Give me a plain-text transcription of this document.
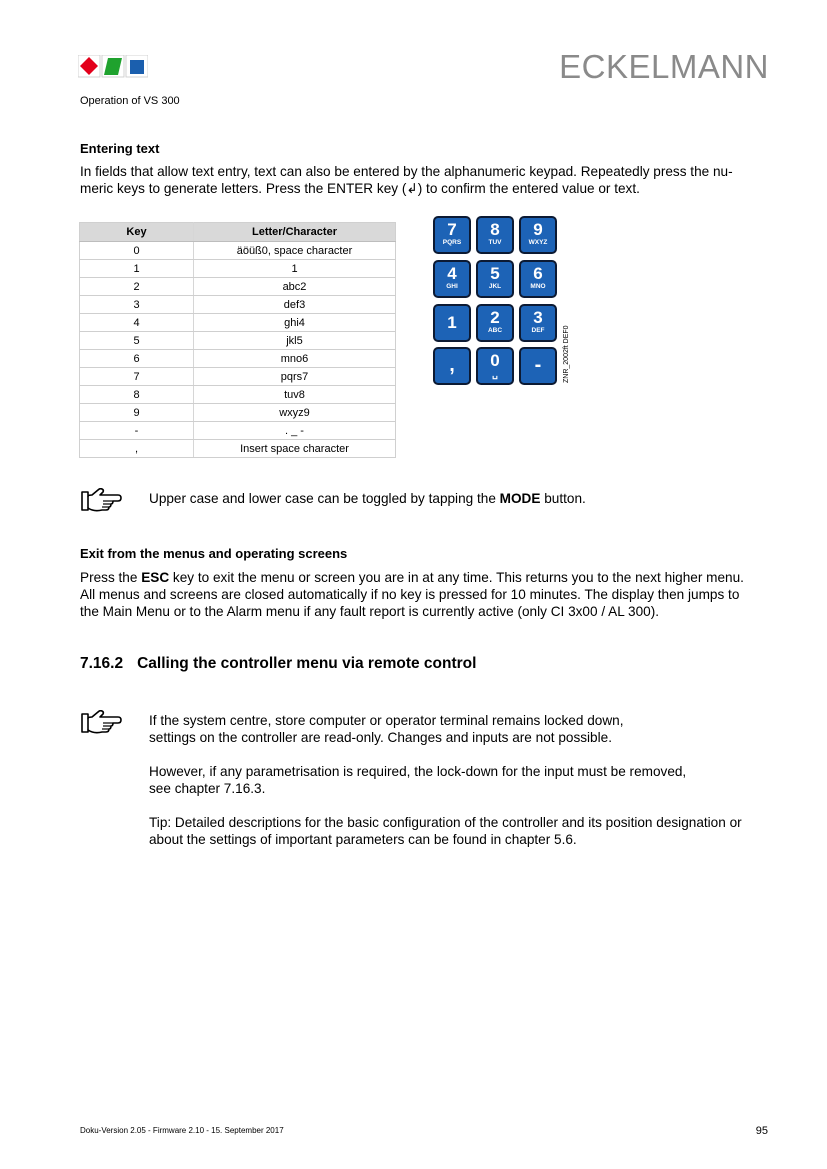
ECKELMANN
Operation of VS 300
Entering text
In fields that allow text entry, text can also be entered by the alphanumeric keypad. Repeatedly press the nu-
meric keys to generate letters. Press the ENTER key (↲) to confirm the entered value or text.
Key	Letter/Character
0	äöüß0, space character
1	1
2	abc2
3	def3
4	ghi4
5	jkl5
6	mno6
7	pqrs7
8	tuv8
9	wxyz9
-	. _ -
,	Insert space character
7
PQRS
8
TUV
9
WXYZ
4
GHI
5
JKL
6
MNO
1	2
ABC
3
DEF
,	0
␣	-	ZNR_2002ft DEF0
Upper case and lower case can be toggled by tapping the MODE button.
Exit from the menus and operating screens
Press the ESC key to exit the menu or screen you are in at any time. This returns you to the next higher menu.
All menus and screens are closed automatically if no key is pressed for 10 minutes. The display then jumps to
the Main Menu or to the Alarm menu if any fault report is currently active (only CI 3x00 / AL 300).
7.16.2 Calling the controller menu via remote control
If the system centre, store computer or operator terminal remains locked down,
settings on the controller are read-only. Changes and inputs are not possible.
However, if any parametrisation is required, the lock-down for the input must be removed,
see chapter 7.16.3.
Tip: Detailed descriptions for the basic configuration of the controller and its position designation or
about the settings of important parameters can be found in chapter 5.6.
Doku-Version 2.05 - Firmware 2.10 - 15. September 2017	95
